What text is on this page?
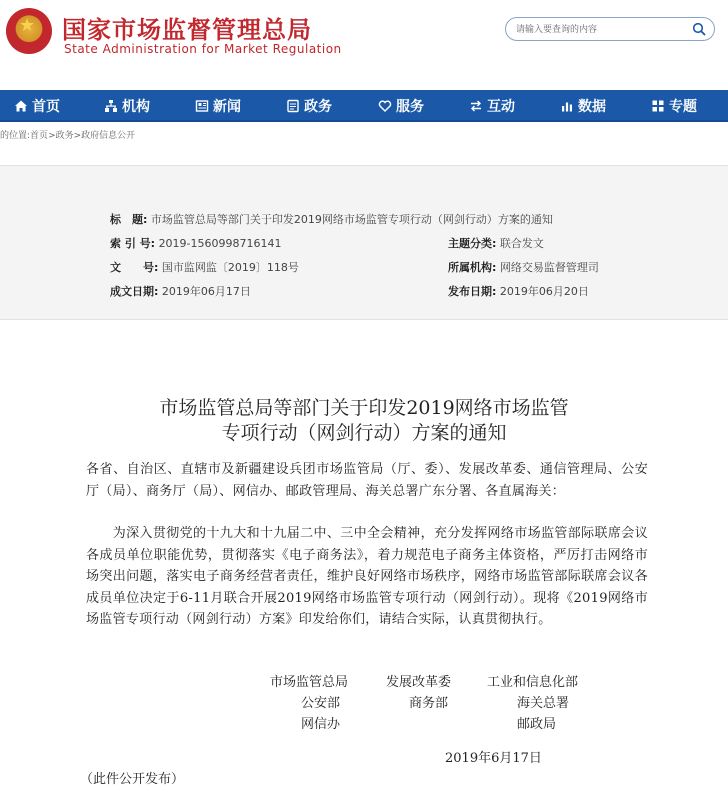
★ 国家市场监督管理总局
State Administration for Market Regulation
请输入要查询的内容
首页	机构	新闻	政务	服务	互动	数据	专题
的位置:首页>政务>政府信息公开
标　题: 市场监管总局等部门关于印发2019网络市场监管专项行动（网剑行动）方案的通知
索 引 号: 2019-1560998716141	主题分类: 联合发文
文　　号: 国市监网监〔2019〕118号	所属机构: 网络交易监督管理司
成文日期: 2019年06月17日	发布日期: 2019年06月20日
市场监管总局等部门关于印发2019网络市场监管
专项行动（网剑行动）方案的通知
各省、自治区、直辖市及新疆建设兵团市场监管局（厅、委）、发展改革委、通信管理局、公安厅（局）、商务厅（局）、网信办、邮政管理局、海关总署广东分署、各直属海关：
　　为深入贯彻党的十九大和十九届二中、三中全会精神，充分发挥网络市场监管部际联席会议各成员单位职能优势，贯彻落实《电子商务法》，着力规范电子商务主体资格，严厉打击网络市场突出问题，落实电子商务经营者责任，维护良好网络市场秩序，网络市场监管部际联席会议各成员单位决定于6-11月联合开展2019网络市场监管专项行动（网剑行动）。现将《2019网络市场监管专项行动（网剑行动）方案》印发给你们，请结合实际，认真贯彻执行。
市场监管总局	发展改革委	工业和信息化部
公安部	商务部	海关总署
网信办	邮政局
2019年6月17日
（此件公开发布）
